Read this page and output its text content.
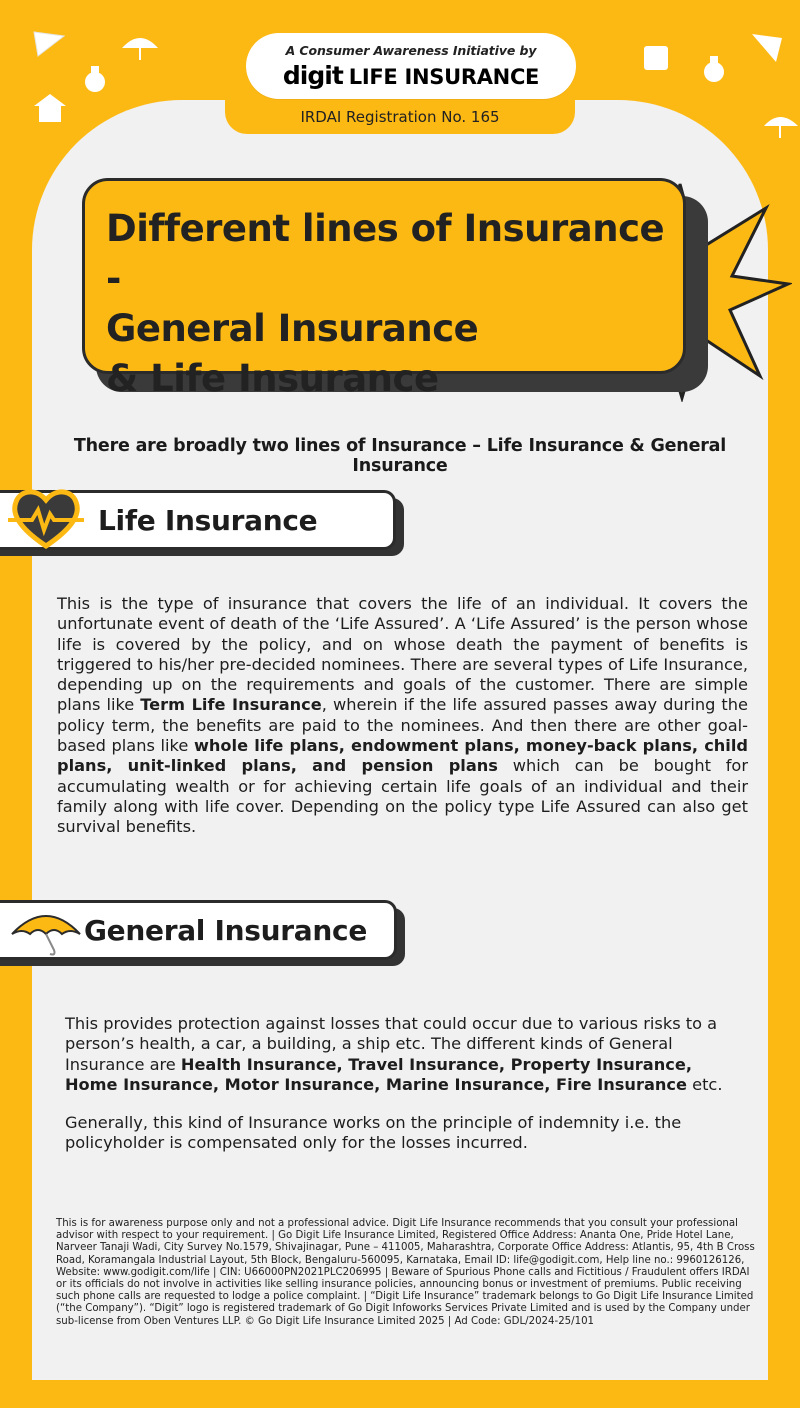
IRDAI Registration No. 165
A Consumer Awareness Initiative by
digit LIFE INSURANCE
Different lines of Insurance -
General Insurance
& Life Insurance
There are broadly two lines of Insurance – Life Insurance & General Insurance
Life Insurance
This is the type of insurance that covers the life of an individual. It covers the unfortunate event of death of the ‘Life Assured’. A ‘Life Assured’ is the person whose life is covered by the policy, and on whose death the payment of benefits is triggered to his/her pre-decided nominees. There are several types of Life Insurance, depending up on the requirements and goals of the customer. There are simple plans like Term Life Insurance, wherein if the life assured passes away during the policy term, the benefits are paid to the nominees. And then there are other goal-based plans like whole life plans, endowment plans, money-back plans, child plans, unit-linked plans, and pension plans which can be bought for accumulating wealth or for achieving certain life goals of an individual and their family along with life cover. Depending on the policy type Life Assured can also get survival benefits.
General Insurance
This provides protection against losses that could occur due to various risks to a person’s health, a car, a building, a ship etc. The different kinds of General Insurance are Health Insurance, Travel Insurance, Property Insurance, Home Insurance, Motor Insurance, Marine Insurance, Fire Insurance etc.
Generally, this kind of Insurance works on the principle of indemnity i.e. the policyholder is compensated only for the losses incurred.
This is for awareness purpose only and not a professional advice. Digit Life Insurance recommends that you consult your professional advisor with respect to your requirement. | Go Digit Life Insurance Limited, Registered Office Address: Ananta One, Pride Hotel Lane, Narveer Tanaji Wadi, City Survey No.1579, Shivajinagar, Pune – 411005, Maharashtra, Corporate Office Address: Atlantis, 95, 4th B Cross Road, Koramangala Industrial Layout, 5th Block, Bengaluru-560095, Karnataka, Email ID: life@godigit.com, Help line no.: 9960126126, Website: www.godigit.com/life | CIN: U66000PN2021PLC206995 | Beware of Spurious Phone calls and Fictitious / Fraudulent offers IRDAI or its officials do not involve in activities like selling insurance policies, announcing bonus or investment of premiums. Public receiving such phone calls are requested to lodge a police complaint. | “Digit Life Insurance” trademark belongs to Go Digit Life Insurance Limited (“the Company”). “Digit” logo is registered trademark of Go Digit Infoworks Services Private Limited and is used by the Company under sub-license from Oben Ventures LLP. © Go Digit Life Insurance Limited 2025 | Ad Code: GDL/2024-25/101
